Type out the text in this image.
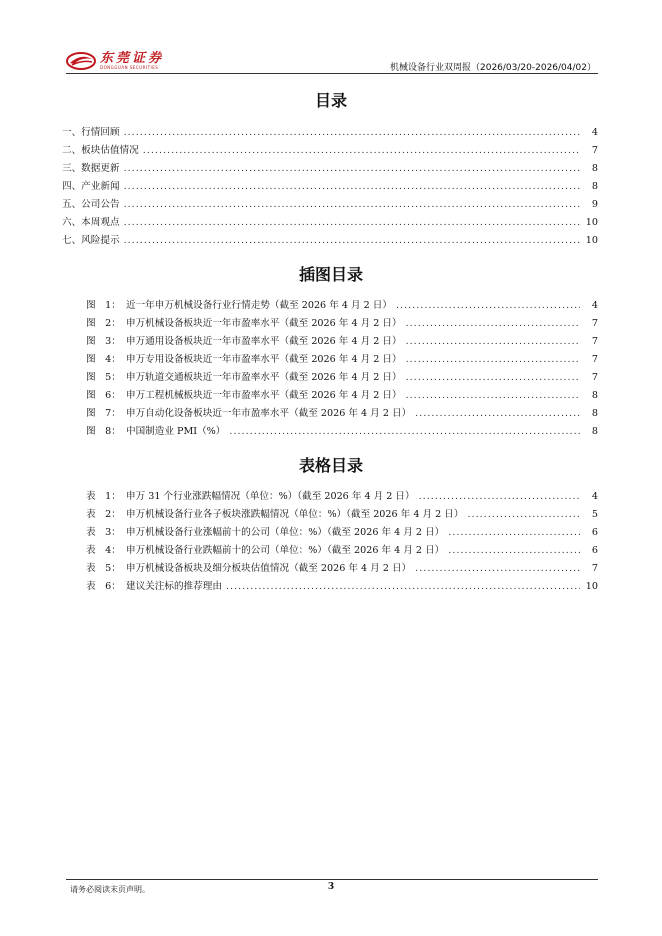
东莞证券
DONGGUAN SECURITIES	机械设备行业双周报（2026/03/20-2026/04/02）
目录
一、行情回顾 .....	4
二、板块估值情况 .....	7
三、数据更新 .....	8
四、产业新闻 .....	8
五、公司公告 .....	9
六、本周观点 .....	10
七、风险提示 .....	10
插图目录
图　1： 近一年申万机械设备行业行情走势（截至 2026 年 4 月 2 日） .....	4
图　2： 申万机械设备板块近一年市盈率水平（截至 2026 年 4 月 2 日） .....	7
图　3： 申万通用设备板块近一年市盈率水平（截至 2026 年 4 月 2 日） .....	7
图　4： 申万专用设备板块近一年市盈率水平（截至 2026 年 4 月 2 日） .....	7
图　5： 申万轨道交通板块近一年市盈率水平（截至 2026 年 4 月 2 日） .....	7
图　6： 申万工程机械板块近一年市盈率水平（截至 2026 年 4 月 2 日） .....	8
图　7： 申万自动化设备板块近一年市盈率水平（截至 2026 年 4 月 2 日） .....	8
图　8： 中国制造业 PMI（%） .....	8
表格目录
表　1： 申万 31 个行业涨跌幅情况（单位：%）（截至 2026 年 4 月 2 日） .....	4
表　2： 申万机械设备行业各子板块涨跌幅情况（单位：%）（截至 2026 年 4 月 2 日） .....	5
表　3： 申万机械设备行业涨幅前十的公司（单位：%）（截至 2026 年 4 月 2 日） .....	6
表　4： 申万机械设备行业跌幅前十的公司（单位：%）（截至 2026 年 4 月 2 日） .....	6
表　5： 申万机械设备板块及细分板块估值情况（截至 2026 年 4 月 2 日） .....	7
表　6： 建议关注标的推荐理由 .....	10
请务必阅读末页声明。	3
